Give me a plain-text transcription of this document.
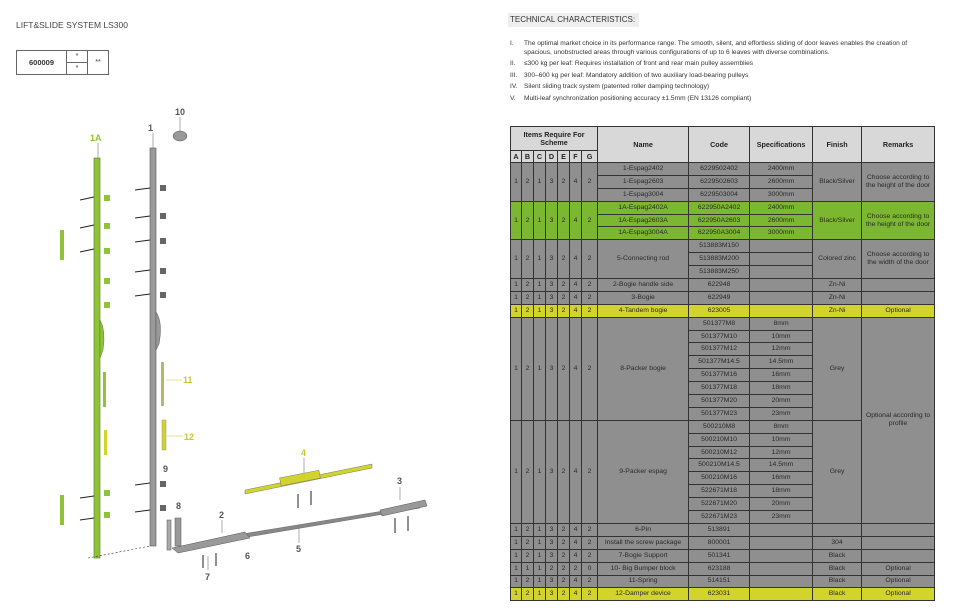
LIFT&SLIDE SYSTEM LS300
600009	*	**
*
1A
1
10
11
12
9
8
2
4
3
5
6
7
TECHNICAL CHARACTERISTICS:
I.	The optimal market choice in its performance range. The smooth, silent, and effortless sliding of door leaves enables the creation of spacious, unobstructed areas through various configurations of up to 6 leaves with diverse combinations.
II.	≤300 kg per leaf: Requires installation of front and rear main pulley assemblies
III.	300–600 kg per leaf: Mandatory addition of two auxiliary load-bearing pulleys
IV. Silent sliding track system (patented roller damping technology)
V.	Multi-leaf synchronization positioning accuracy ±1.5mm (EN 13126 compliant)
Items Require For Scheme							Name	Code	Specifications	Finish	Remarks
A	B	C	D	E	F	G					
1	2	1	3	2	4	2	1-Espag2402	6229502402	2400mm	Black/Silver	Choose according to the height of the door
							1-Espag2603	6229502603	2600mm		
							1-Espag3004	6229503004	3000mm		
1	2	1	3	2	4	2	1A-Espag2402A	622950A2402	2400mm	Black/Silver	Choose according to the height of the door
							1A-Espag2603A	622950A2603	2600mm		
							1A-Espag3004A	622950A3004	3000mm		
1	2	1	3	2	4	2	5-Connecting rod	513883M150		Colored zinc	Choose according to the width of the door
								513883M200			
								513883M250			
1	2	1	3	2	4	2	2-Bogie handle side	622948		Zn-Ni	
1	2	1	3	2	4	2	3-Bogie	622949		Zn-Ni	
1	2	1	3	2	4	2	4-Tandem bogie	623005		Zn-Ni	Optional
1	2	1	3	2	4	2	8-Packer bogie	501377M8	8mm	Grey	Optional according to profile
								501377M10	10mm		
								501377M12	12mm		
								501377M14.5	14.5mm		
								501377M16	16mm		
								501377M18	18mm		
								501377M20	20mm		
								501377M23	23mm		
1	2	1	3	2	4	2	9-Packer espag	500210M8	8mm	Grey	
								500210M10	10mm		
								500210M12	12mm		
								500210M14.5	14.5mm		
								500210M16	16mm		
								522671M18	18mm		
								522671M20	20mm		
								522671M23	23mm		
1	2	1	3	2	4	2	6-Pin	513891			
1	2	1	3	2	4	2	Install the screw package	800001		304	
1	2	1	3	2	4	2	7-Bogie Support	501341		Black	
1	1	1	2	2	2	0	10- Big Bumper block	623188		Black	Optional
1	2	1	3	2	4	2	11-Spring	514151		Black	Optional
1	2	1	3	2	4	2	12-Damper device	623031		Black	Optional
